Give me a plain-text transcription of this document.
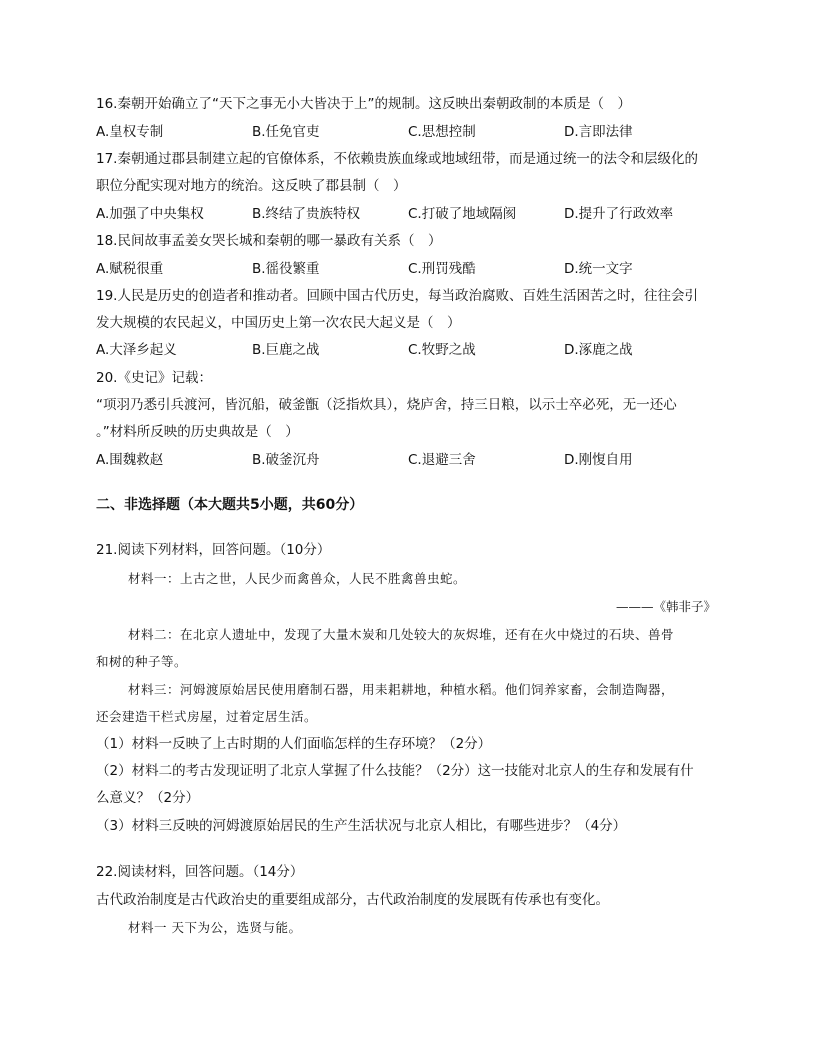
16.秦朝开始确立了“天下之事无小大皆决于上”的规制。这反映出秦朝政制的本质是（　）
A.皇权专制	B.任免官吏	C.思想控制	D.言即法律
17.秦朝通过郡县制建立起的官僚体系，不依赖贵族血缘或地域纽带，而是通过统一的法令和层级化的
职位分配实现对地方的统治。这反映了郡县制（　）
A.加强了中央集权	B.终结了贵族特权	C.打破了地域隔阂	D.提升了行政效率
18.民间故事孟姜女哭长城和秦朝的哪一暴政有关系（　）
A.赋税很重	B.徭役繁重	C.刑罚残酷	D.统一文字
19.人民是历史的创造者和推动者。回顾中国古代历史，每当政治腐败、百姓生活困苦之时，往往会引
发大规模的农民起义，中国历史上第一次农民大起义是（　）
A.大泽乡起义	B.巨鹿之战	C.牧野之战	D.涿鹿之战
20.《史记》记载：
“项羽乃悉引兵渡河，皆沉船，破釜甑（泛指炊具），烧庐舍，持三日粮，以示士卒必死，无一还心
。”材料所反映的历史典故是（　）
A.围魏救赵	B.破釜沉舟	C.退避三舍	D.刚愎自用
二、非选择题（本大题共5小题，共60分）
21.阅读下列材料，回答问题。（10分）
材料一：上古之世，人民少而禽兽众，人民不胜禽兽虫蛇。
———《韩非子》
材料二：在北京人遗址中，发现了大量木炭和几处较大的灰烬堆，还有在火中烧过的石块、兽骨
和树的种子等。
材料三：河姆渡原始居民使用磨制石器，用耒耜耕地，种植水稻。他们饲养家畜，会制造陶器，
还会建造干栏式房屋，过着定居生活。
（1）材料一反映了上古时期的人们面临怎样的生存环境？（2分）
（2）材料二的考古发现证明了北京人掌握了什么技能？（2分）这一技能对北京人的生存和发展有什
么意义？（2分）
（3）材料三反映的河姆渡原始居民的生产生活状况与北京人相比，有哪些进步？（4分）
22.阅读材料，回答问题。（14分）
古代政治制度是古代政治史的重要组成部分，古代政治制度的发展既有传承也有变化。
材料一 天下为公，选贤与能。
